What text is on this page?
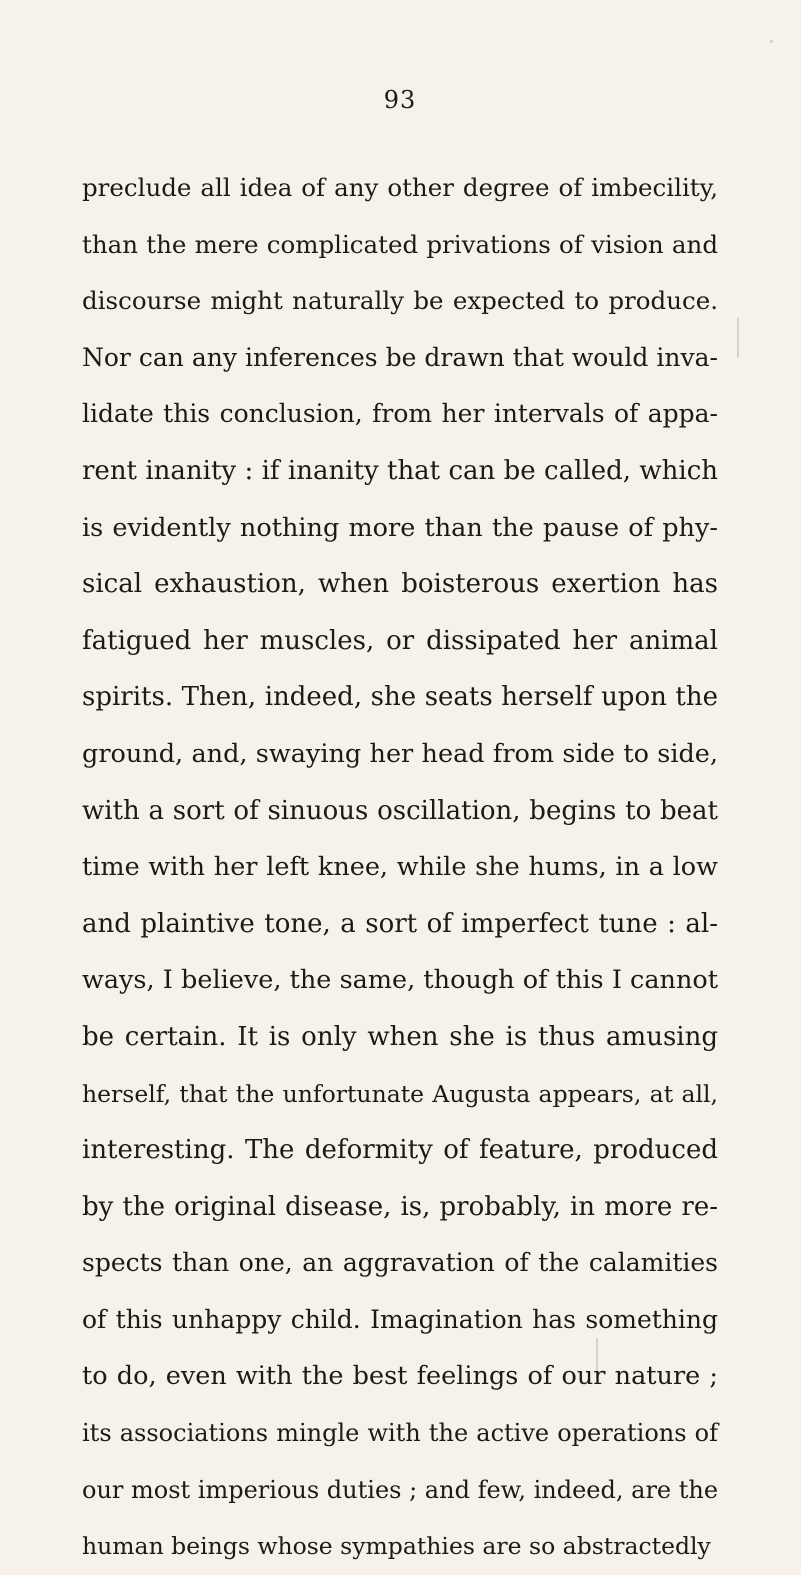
93
preclude all idea of any other degree of imbecility,
than the mere complicated privations of vision and
discourse might naturally be expected to produce.
Nor can any inferences be drawn that would inva-
lidate this conclusion, from her intervals of appa-
rent inanity : if inanity that can be called, which
is evidently nothing more than the pause of phy-
sical exhaustion, when boisterous exertion has
fatigued her muscles, or dissipated her animal
spirits. Then, indeed, she seats herself upon the
ground, and, swaying her head from side to side,
with a sort of sinuous oscillation, begins to beat
time with her left knee, while she hums, in a low
and plaintive tone, a sort of imperfect tune : al-
ways, I believe, the same, though of this I cannot
be certain. It is only when she is thus amusing
herself, that the unfortunate Augusta appears, at all,
interesting. The deformity of feature, produced
by the original disease, is, probably, in more re-
spects than one, an aggravation of the calamities
of this unhappy child. Imagination has something
to do, even with the best feelings of our nature ;
its associations mingle with the active operations of
our most imperious duties ; and few, indeed, are the
human beings whose sympathies are so abstractedly
